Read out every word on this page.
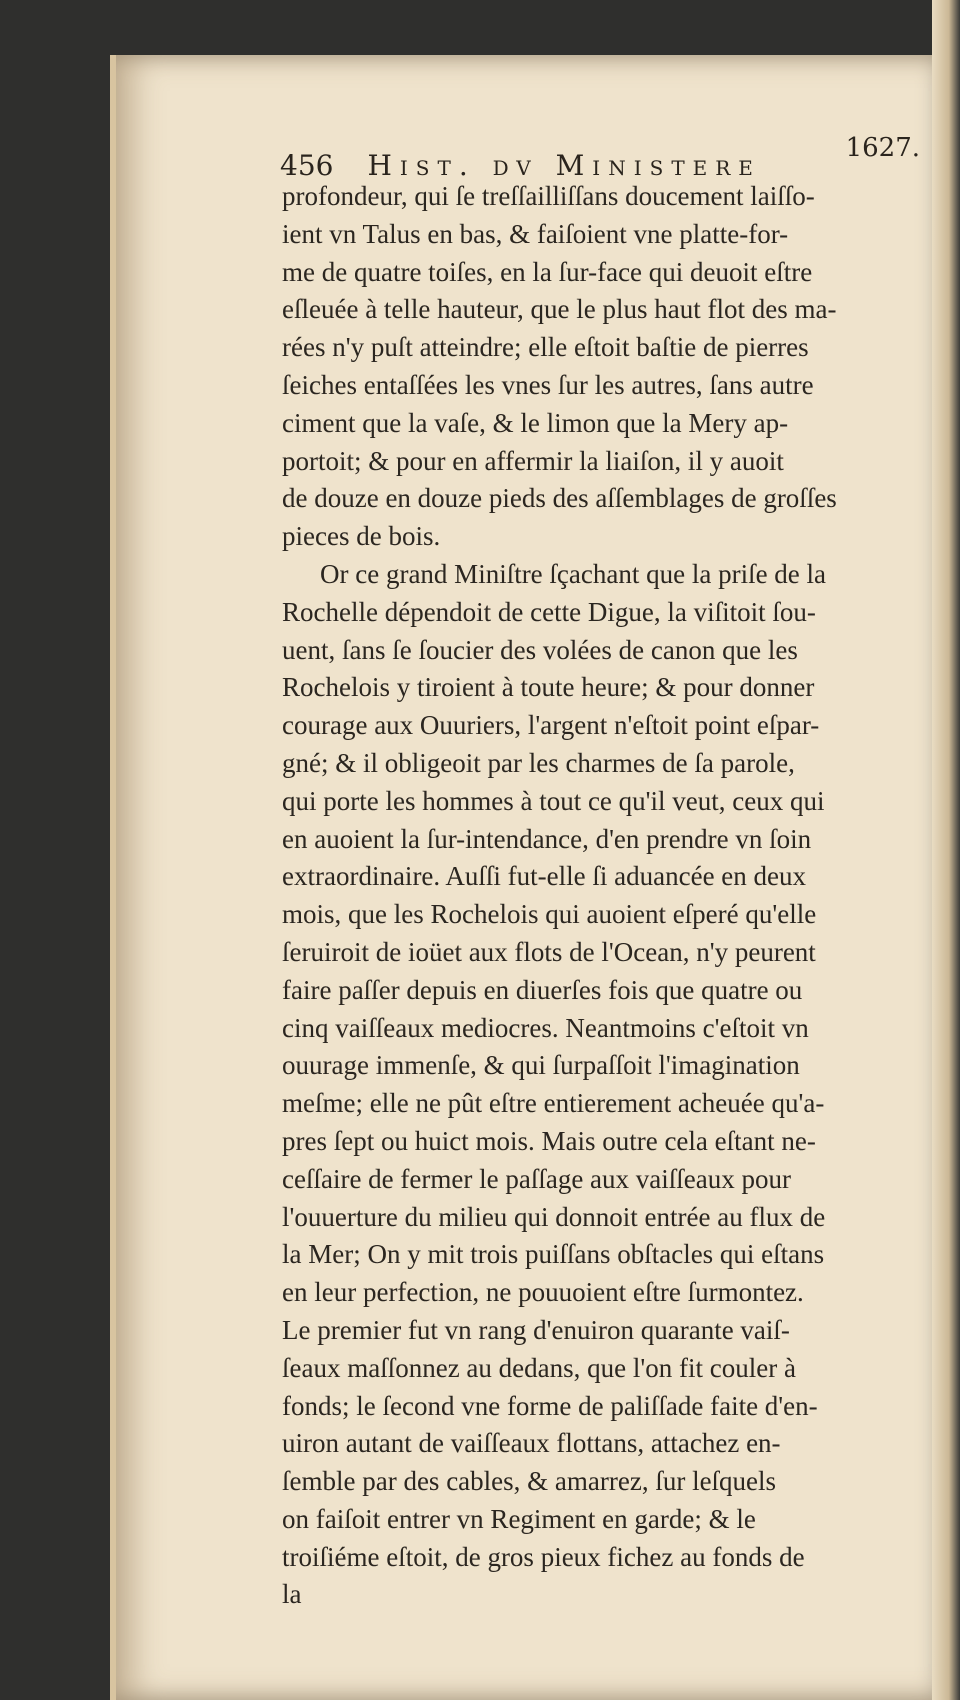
456 Hist. dv Ministere
1627.
profondeur, qui ſe treſſailliſſans doucement laiſſo-
ient vn Talus en bas, & faiſoient vne platte-for-
me de quatre toiſes, en la ſur-face qui deuoit eſtre
eſleuée à telle hauteur, que le plus haut flot des ma-
rées n'y puſt atteindre; elle eſtoit baſtie de pierres
ſeiches entaſſées les vnes ſur les autres, ſans autre
ciment que la vaſe, & le limon que la Mery ap-
portoit; & pour en affermir la liaiſon, il y auoit
de douze en douze pieds des aſſemblages de groſſes
pieces de bois.
Or ce grand Miniſtre ſçachant que la priſe de la
Rochelle dépendoit de cette Digue, la viſitoit ſou-
uent, ſans ſe ſoucier des volées de canon que les
Rochelois y tiroient à toute heure; & pour donner
courage aux Ouuriers, l'argent n'eſtoit point eſpar-
gné; & il obligeoit par les charmes de ſa parole,
qui porte les hommes à tout ce qu'il veut, ceux qui
en auoient la ſur-intendance, d'en prendre vn ſoin
extraordinaire. Auſſi fut-elle ſi aduancée en deux
mois, que les Rochelois qui auoient eſperé qu'elle
ſeruiroit de ioüet aux flots de l'Ocean, n'y peurent
faire paſſer depuis en diuerſes fois que quatre ou
cinq vaiſſeaux mediocres. Neantmoins c'eſtoit vn
ouurage immenſe, & qui ſurpaſſoit l'imagination
meſme; elle ne pût eſtre entierement acheuée qu'a-
pres ſept ou huict mois. Mais outre cela eſtant ne-
ceſſaire de fermer le paſſage aux vaiſſeaux pour
l'ouuerture du milieu qui donnoit entrée au flux de
la Mer; On y mit trois puiſſans obſtacles qui eſtans
en leur perfection, ne pouuoient eſtre ſurmontez.
Le premier fut vn rang d'enuiron quarante vaiſ-
ſeaux maſſonnez au dedans, que l'on fit couler à
fonds; le ſecond vne forme de paliſſade faite d'en-
uiron autant de vaiſſeaux flottans, attachez en-
ſemble par des cables, & amarrez, ſur leſquels
on faiſoit entrer vn Regiment en garde; & le
troiſiéme eſtoit, de gros pieux fichez au fonds de
la
